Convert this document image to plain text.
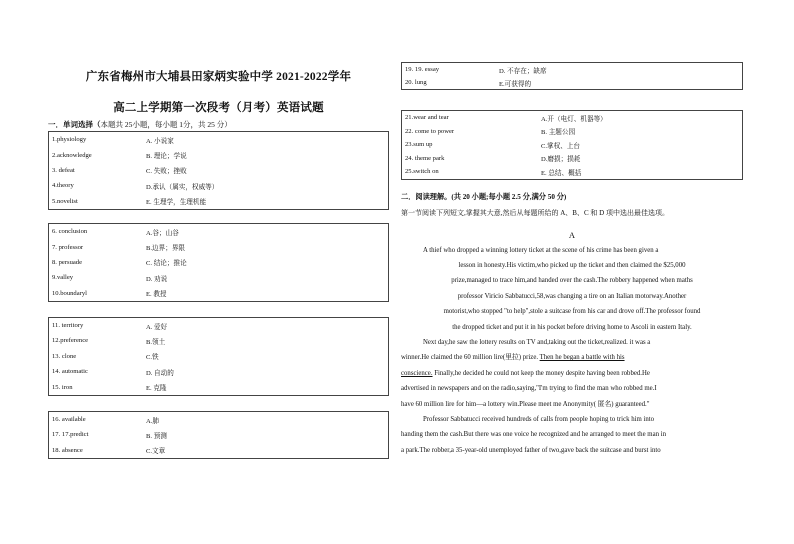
广东省梅州市大埔县田家炳实验中学 2021-2022学年
高二上学期第一次段考（月考）英语试题
一．单词选择（本题共 25小题，每小题 1分，共 25 分）
1.physiology	A. 小说家
2.acknowledge	B. 理论；学说
3. defeat	C. 失败；挫败
4.theory	D.承认（属实，权威等）
5.novelist	E. 生理学，生理机能
6. conclusion	A.谷；山谷
7. professor	B.边界；界限
8. persuade	C. 结论；推论
9.valley	D. 劝说
10.boundaryl	E. 教授
11. territory	A. 爱好
12.preference	B.领土
13. clone	C.铁
14. automatic	D. 自动的
15. iron	E. 克隆
16. available	A.肺
17. 17.predict	B. 预测
18. absence	C.文章
19. 19. essay	D. 不存在；缺席
20. lung	E.可获得的
21.wear and tear	A.开（电灯、机器等）
22. come to power	B. 主题公园
23.sum up	C.掌权、上台
24. theme park	D.磨损；损耗
25.switch on	E. 总结、概括
二．阅读理解。(共 20 小题;每小题 2.5 分,满分 50 分)
第一节阅读下列短文,掌握其大意,然后从每题所给的 A、B、C 和 D 项中选出最佳选项。
A
A thief who dropped a winning lottery ticket at the scene of his crime has been given a
lesson in honesty.His victim,who picked up the ticket and then claimed the $25,000
prize,managed to trace him,and handed over the cash.The robbery happened when maths
professor Viricio Sabbatucci,58,was changing a tire on an Italian motorway.Another
motorist,who stopped "to help",stole a suitcase from his car and drove off.The professor found
the dropped ticket and put it in his pocket before driving home to Ascoli in eastern Italy.
Next day,he saw the lottery results on TV and,taking out the ticket,realized. it was a
winner.He claimed the 60 million lire(里拉) prize. Then he began a battle with his
conscience. Finally,he decided he could not keep the money despite having been robbed.He
advertised in newspapers and on the radio,saying,"I'm trying to find the man who robbed me.I
have 60 million lire for him—a lottery win.Please meet me Anonymity( 匿名) guaranteed."
Professor Sabbatucci received hundreds of calls from people hoping to trick him into
handing them the cash.But there was one voice he recognized and he arranged to meet the man in
a park.The robber,a 35-year-old unemployed father of two,gave back the suitcase and burst into
